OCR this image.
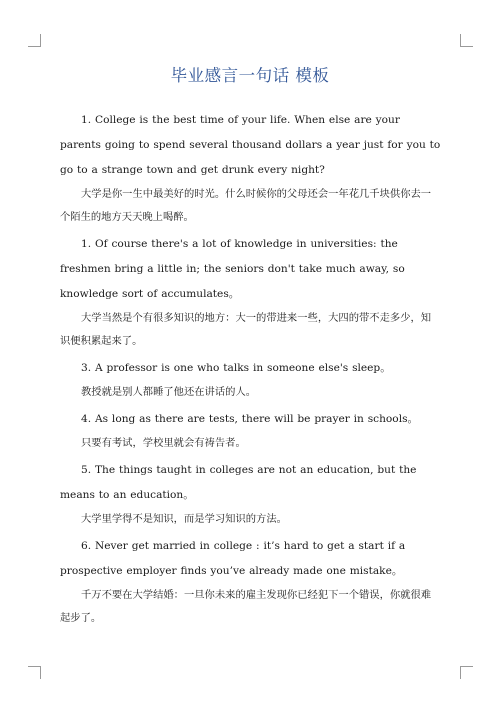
毕业感言一句话 模板

1. College is the best time of your life. When else are your parents going to spend several thousand dollars a year just for you to go to a strange town and get drunk every night?

大学是你一生中最美好的时光。什么时候你的父母还会一年花几千块供你去一个陌生的地方天天晚上喝醉。

1. Of course there's a lot of knowledge in universities: the freshmen bring a little in; the seniors don't take much away, so knowledge sort of accumulates。

大学当然是个有很多知识的地方：大一的带进来一些，大四的带不走多少，知识便积累起来了。

3. A professor is one who talks in someone else's sleep。

教授就是别人都睡了他还在讲话的人。

4. As long as there are tests, there will be prayer in schools。

只要有考试，学校里就会有祷告者。

5. The things taught in colleges are not an education, but the means to an education。

大学里学得不是知识，而是学习知识的方法。

6. Never get married in college : it’s hard to get a start if a prospective employer finds you’ve already made one mistake。

千万不要在大学结婚：一旦你未来的雇主发现你已经犯下一个错误，你就很难起步了。
